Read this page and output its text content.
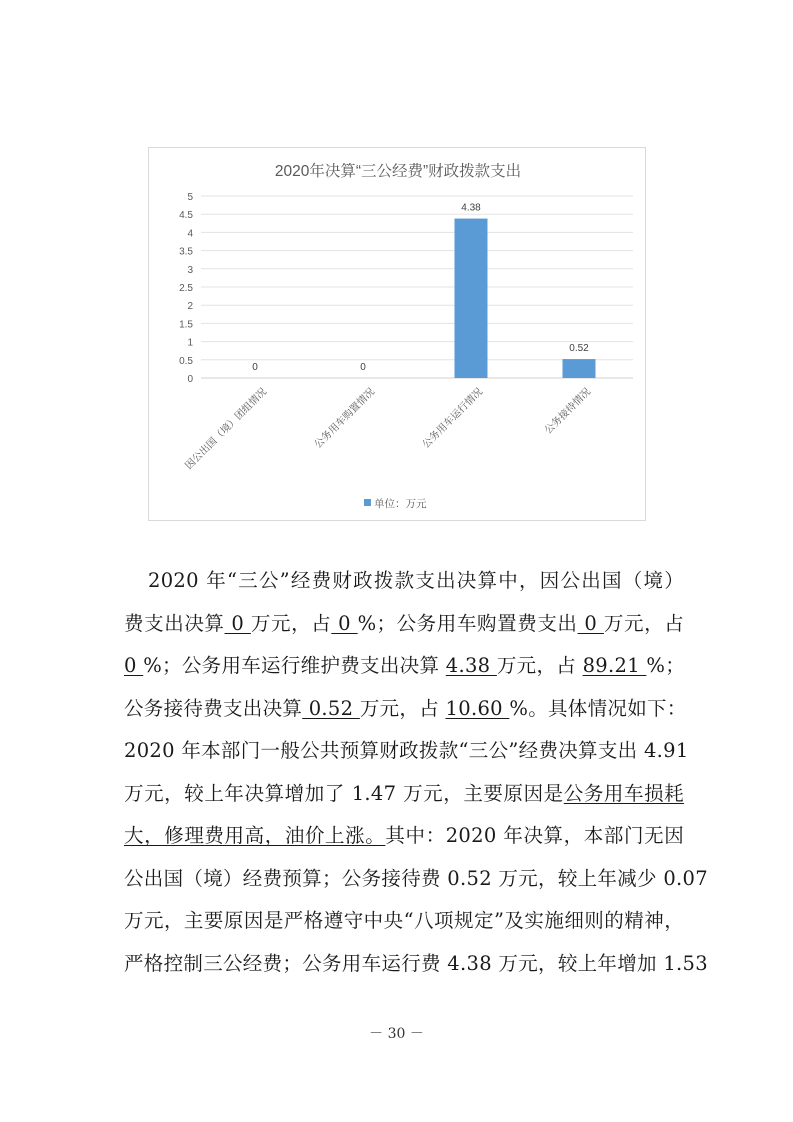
2020年决算“三公经费”财政拨款支出
0
0.5
1
1.5
2
2.5
3
3.5
4
4.5
5
0
因公出国（境）团组情况
0
公务用车购置情况
4.38
公务用车运行情况
0.52
公务接待情况
单位：万元
2020 年“三公”经费财政拨款支出决算中，因公出国（境）
费支出决算 0 万元，占 0 %；公务用车购置费支出 0 万元，占
0 %；公务用车运行维护费支出决算 4.38 万元，占 89.21 %；
公务接待费支出决算 0.52 万元，占 10.60 %。具体情况如下：
2020 年本部门一般公共预算财政拨款“三公”经费决算支出 4.91
万元，较上年决算增加了 1.47 万元，主要原因是公务用车损耗
大，修理费用高，油价上涨。其中：2020 年决算，本部门无因
公出国（境）经费预算；公务接待费 0.52 万元，较上年减少 0.07
万元，主要原因是严格遵守中央“八项规定”及实施细则的精神，
严格控制三公经费；公务用车运行费 4.38 万元，较上年增加 1.53
－ 30 －
